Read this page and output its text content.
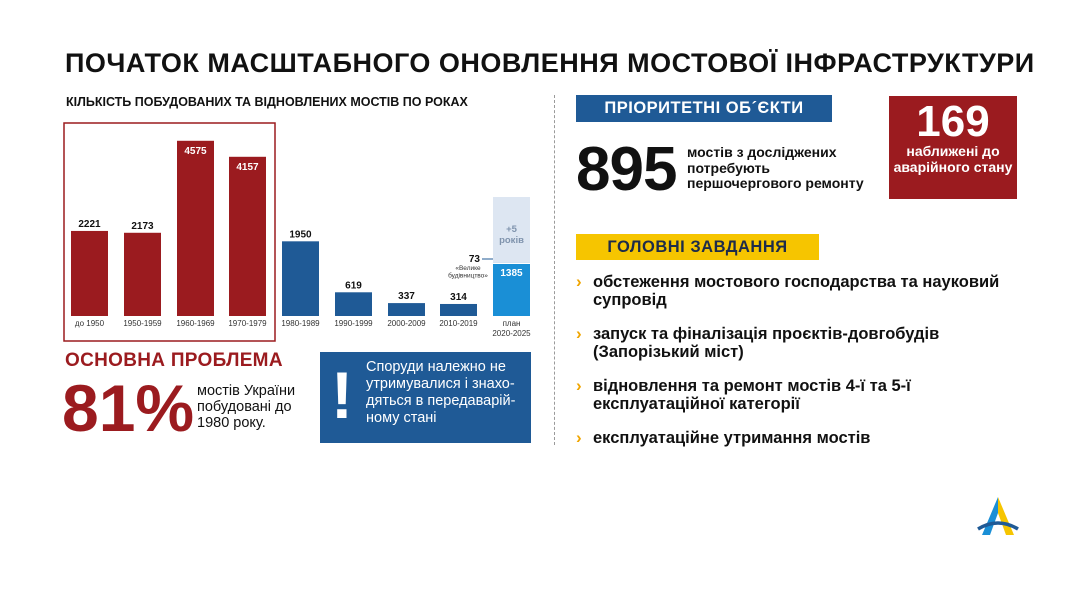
ПОЧАТОК МАСШТАБНОГО ОНОВЛЕННЯ МОСТОВОЇ ІНФРАСТРУКТУРИ
КІЛЬКІСТЬ ПОБУДОВАНИХ ТА ВІДНОВЛЕНИХ МОСТІВ ПО РОКАХ
+5 років
2221
до 1950
2173
1950-1959
4575
1960-1969
4157
1970-1979
1950
1980-1989
619
1990-1999
337
2000-2009
314
2010-2019
1385
план 2020-2025
73
«Велике будівництво»
ОСНОВНА ПРОБЛЕМА
81% мостів України побудовані до 1980 року. ! Споруди належно не утримувалися і знахо-дяться в передаварій-ному стані
ПРІОРИТЕТНІ ОБ´ЄКТИ
895 мостів з досліджених потребують першочергового ремонту
169
наближені до аварійного стану
ГОЛОВНІ ЗАВДАННЯ
› обстеження мостового господарства та науковий супровід
› запуск та фіналізація проєктів-довгобудів (Запорізький міст)
› відновлення та ремонт мостів 4-ї та 5-ї експлуатаційної категорії
› експлуатаційне утримання мостів
